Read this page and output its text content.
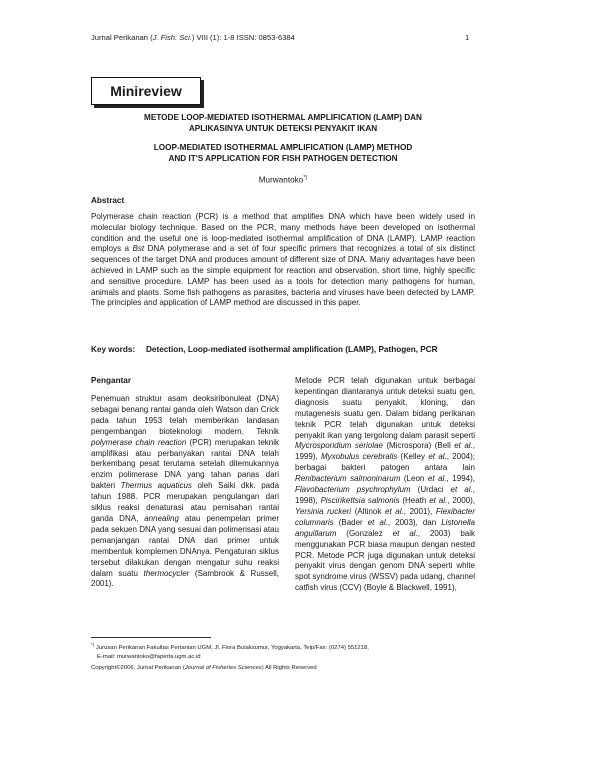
Jurnal Perikanan (J. Fish. Sci.) VIII (1): 1-8 ISSN: 0853-6384	1
Minireview
METODE LOOP-MEDIATED ISOTHERMAL AMPLIFICATION (LAMP) DAN
APLIKASINYA UNTUK DETEKSI PENYAKIT IKAN
LOOP-MEDIATED ISOTHERMAL AMPLIFICATION (LAMP) METHOD
AND IT'S APPLICATION FOR FISH PATHOGEN DETECTION
Murwantoko*)
Abstract
Polymerase chain reaction (PCR) is a method that amplifies DNA which have been widely used in molecular biology technique. Based on the PCR, many methods have been developed on isothermal condition and the useful one is loop-mediated isothermal amplification of DNA (LAMP). LAMP reaction employs a Bst DNA polymerase and a set of four specific primers that recognizes a total of six distinct sequences of the target DNA and produces amount of different size of DNA. Many advantages have been achieved in LAMP such as the simple equipment for reaction and observation, short time, highly specific and sensitive procedure. LAMP has been used as a tools for detection many pathogens for human, animals and plants. Some fish pathogens as parasites, bacteria and viruses have been detected by LAMP. The principles and application of LAMP method are discussed in this paper.
Key words: Detection, Loop-mediated isothermal amplification (LAMP), Pathogen, PCR
Pengantar
Penemuan struktur asam deoksiribonuleat (DNA) sebagai benang rantai ganda oleh Watson dan Crick pada tahun 1953 telah memberikan landasan pengembangan bioteknologi modern. Teknik polymerase chain reaction (PCR) merupakan teknik amplifikasi atau perbanyakan rantai DNA telah berkembang pesat terutama setelah ditemukannya enzim polimerase DNA yang tahan panas dari bakteri Thermus aquaticus oleh Saiki dkk. pada tahun 1988. PCR merupakan pengulangan dari siklus reaksi denaturasi atau pemisahan rantai ganda DNA, annealing atau penempelan primer pada sekuen DNA yang sesuai dan polimerisasi atau pemanjangan rantai DNA dari primer untuk membentuk komplemen DNAnya. Pengaturan siklus tersebut dilakukan dengan mengatur suhu reaksi dalam suatu thermocycler (Sambrook & Russell, 2001).
Metode PCR telah digunakan untuk berbagai kepentingan diantaranya untuk deteksi suatu gen, diagnosis suatu penyakit, kloning, dan mutagenesis suatu gen. Dalam bidang perikanan teknik PCR telah digunakan untuk deteksi penyakit ikan yang tergolong dalam parasit seperti Mycrosporidium seriolae (Microspora) (Bell et al., 1999), Myxobulus cerebralis (Kelley et al., 2004); berbagai bakteri patogen antara lain Renibacterium salmoninarum (Leon et al., 1994), Flavobacterium psychrophylum (Urdaci et al., 1998), Piscirikettsia salmonis (Heath et al., 2000), Yersinia ruckeri (Altinok et al., 2001), Flexibacter columnaris (Bader et al., 2003), dan Listonella anguillarum (Gonzalez et al., 2003) baik menggunakan PCR biasa maupun dengan nested PCR. Metode PCR juga digunakan untuk deteksi penyakit virus dengan genom DNA seperti white spot syndrome virus (WSSV) pada udang, channel catfish virus (CCV) (Boyle & Blackwell, 1991),
*) Jurusan Perikanan Fakultas Pertanian UGM, Jl. Flora Bulaksumur, Yogyakarta, Telp/Fax: (0274) 551218,
E-mail: murwantoko@faperta.ugm.ac.id
Copyright©2006, Jurnal Perikanan (Journal of Fisheries Sciences) All Rights Reserved
